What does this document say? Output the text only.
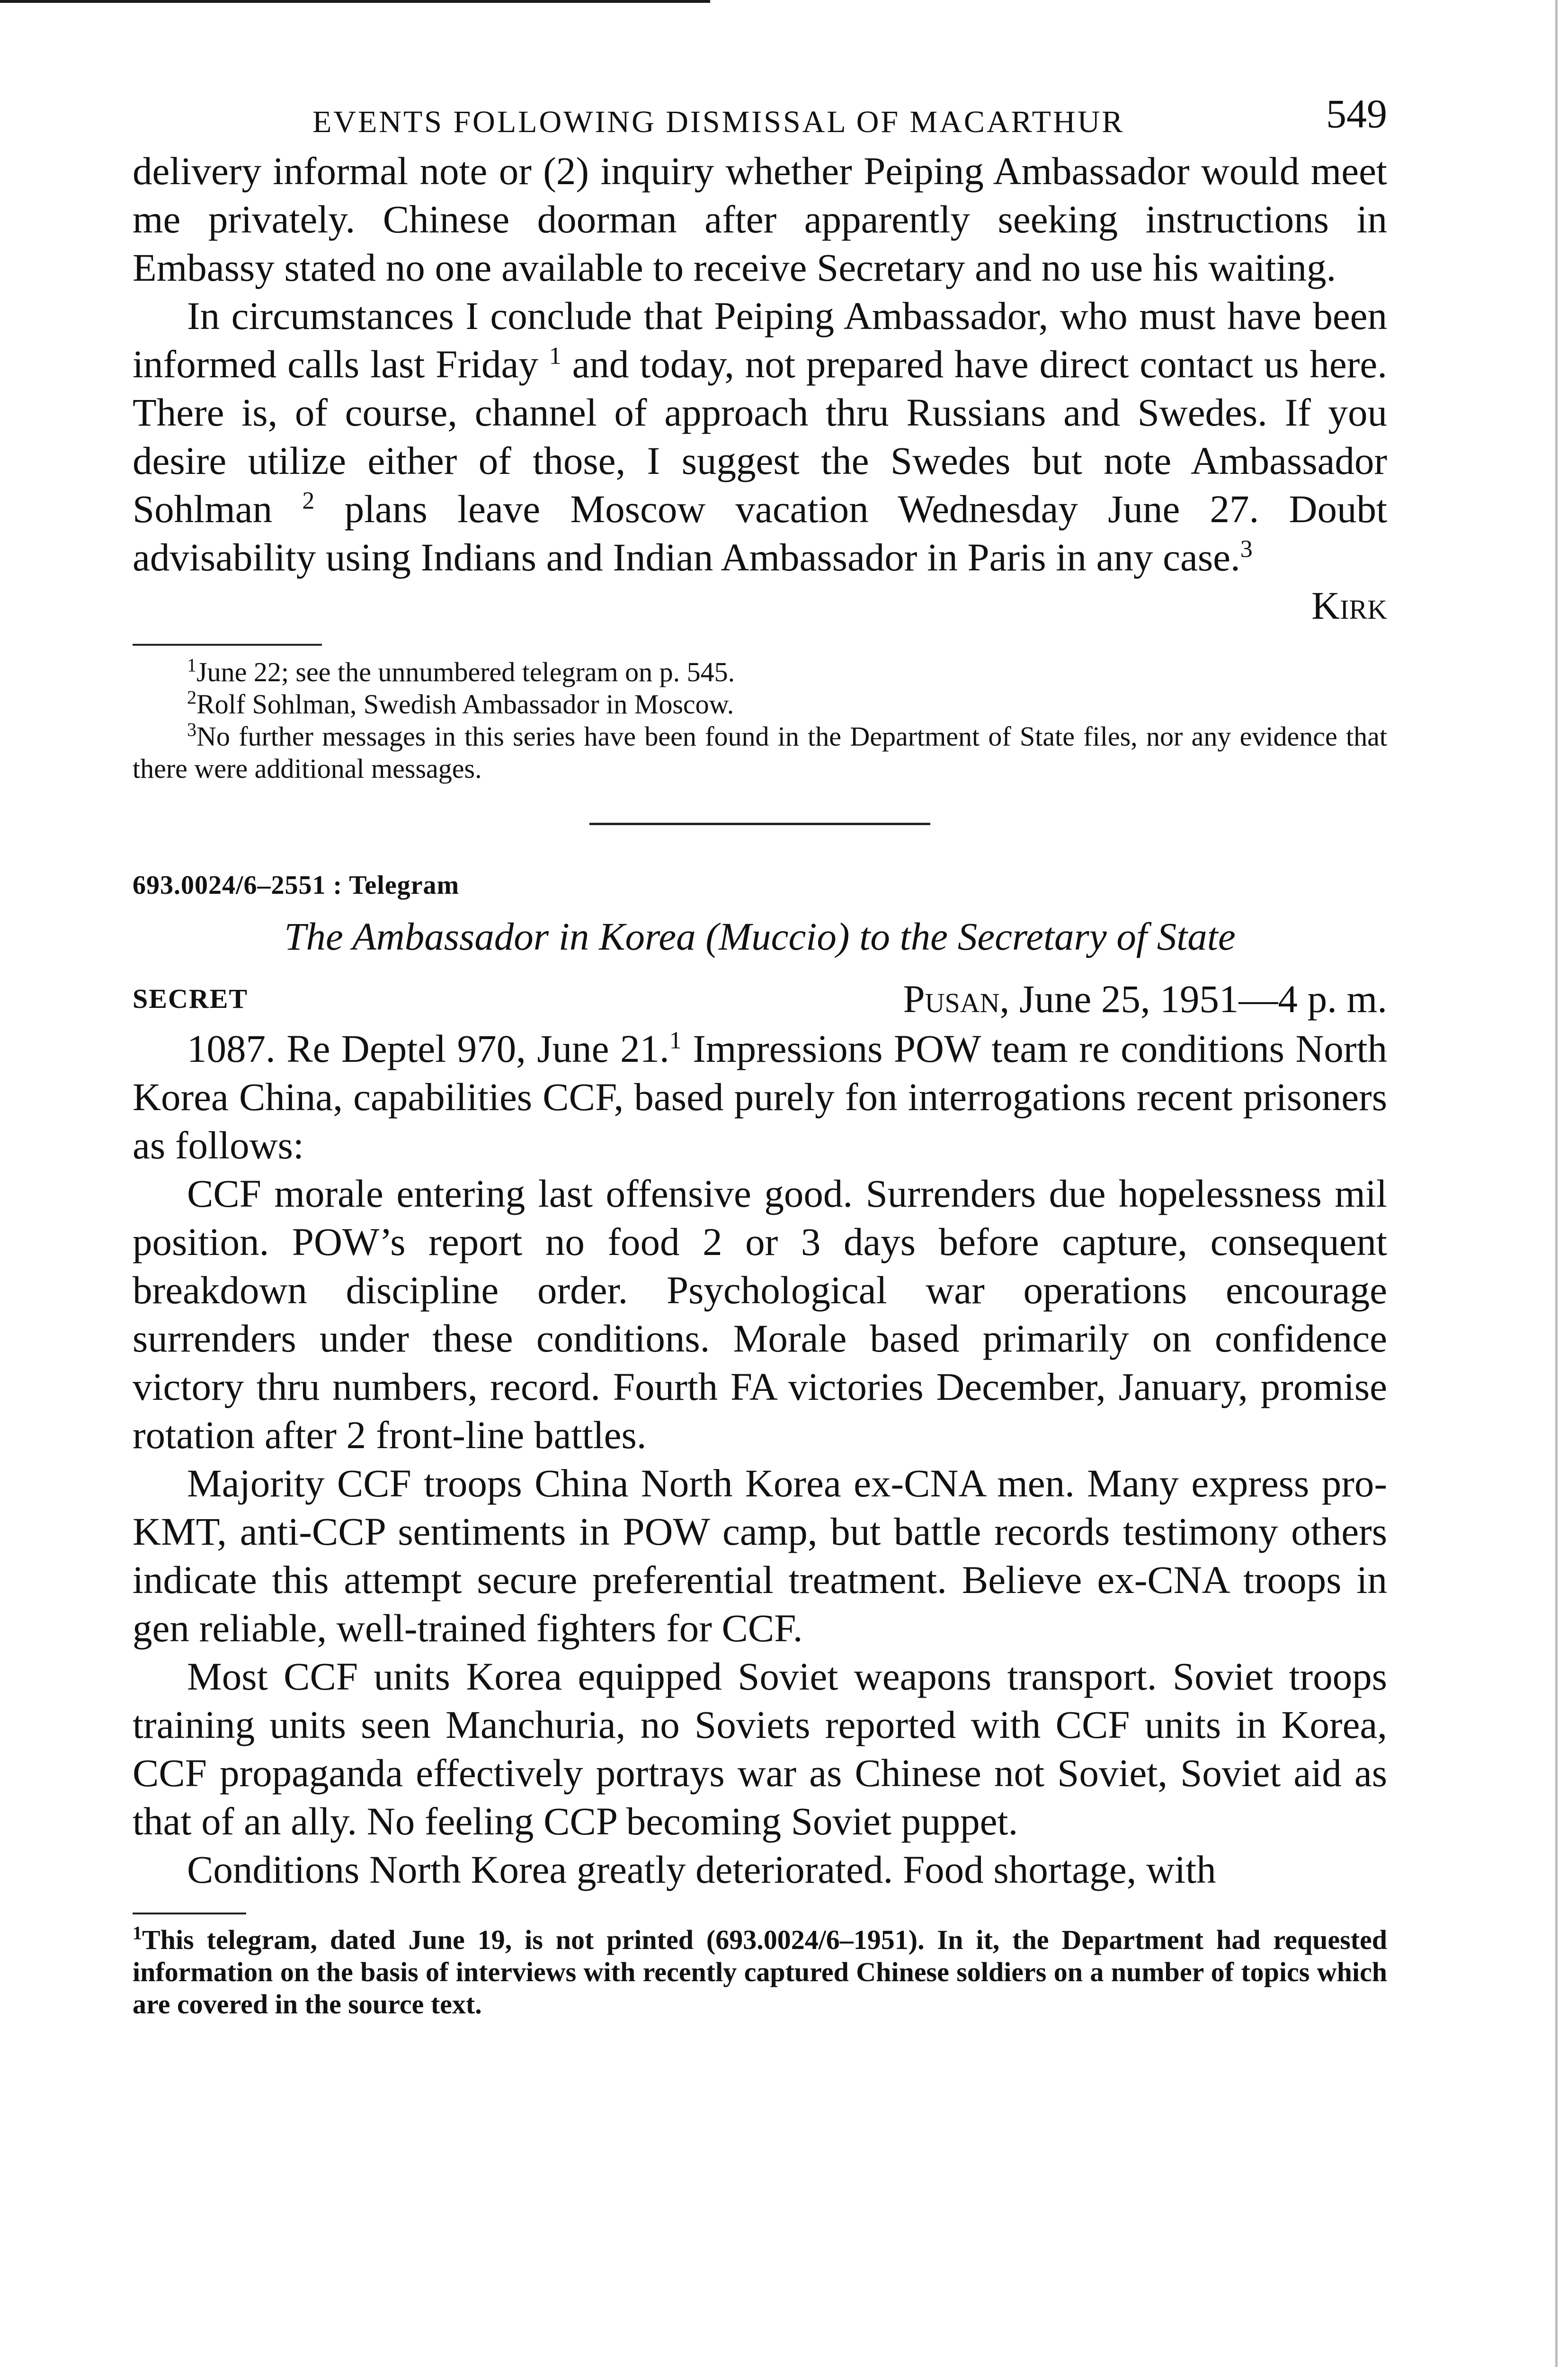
EVENTS FOLLOWING DISMISSAL OF MACARTHUR	549

delivery informal note or (2) inquiry whether Peiping Ambassador would meet me privately. Chinese doorman after apparently seeking instructions in Embassy stated no one available to receive Secretary and no use his waiting.

In circumstances I conclude that Peiping Ambassador, who must have been informed calls last Friday $^1$ and today, not prepared have direct contact us here. There is, of course, channel of approach thru Russians and Swedes. If you desire utilize either of those, I suggest the Swedes but note Ambassador Sohlman $^2$ plans leave Moscow vacation Wednesday June 27. Doubt advisability using Indians and Indian Ambassador in Paris in any case.$^3$

Kirk

$^1$June 22; see the unnumbered telegram on p. 545.

$^2$Rolf Sohlman, Swedish Ambassador in Moscow.

$^3$No further messages in this series have been found in the Department of State files, nor any evidence that there were additional messages.

693.0024/6–2551 : Telegram
The Ambassador in Korea (Muccio) to the Secretary of State
SECRET	Pusan, June 25, 1951—4 p. m.

1087. Re Deptel 970, June 21.$^1$ Impressions POW team re conditions North Korea China, capabilities CCF, based purely fon interrogations recent prisoners as follows:

CCF morale entering last offensive good. Surrenders due hopelessness mil position. POW’s report no food 2 or 3 days before capture, consequent breakdown discipline order. Psychological war operations encourage surrenders under these conditions. Morale based primarily on confidence victory thru numbers, record. Fourth FA victories December, January, promise rotation after 2 front-line battles.

Majority CCF troops China North Korea ex-CNA men. Many express pro-KMT, anti-CCP sentiments in POW camp, but battle records testimony others indicate this attempt secure preferential treatment. Believe ex-CNA troops in gen reliable, well-trained fighters for CCF.

Most CCF units Korea equipped Soviet weapons transport. Soviet troops training units seen Manchuria, no Soviets reported with CCF units in Korea, CCF propaganda effectively portrays war as Chinese not Soviet, Soviet aid as that of an ally. No feeling CCP becoming Soviet puppet.

Conditions North Korea greatly deteriorated. Food shortage, with

$^1$This telegram, dated June 19, is not printed (693.0024/6–1951). In it, the Department had requested information on the basis of interviews with recently captured Chinese soldiers on a number of topics which are covered in the source text.
